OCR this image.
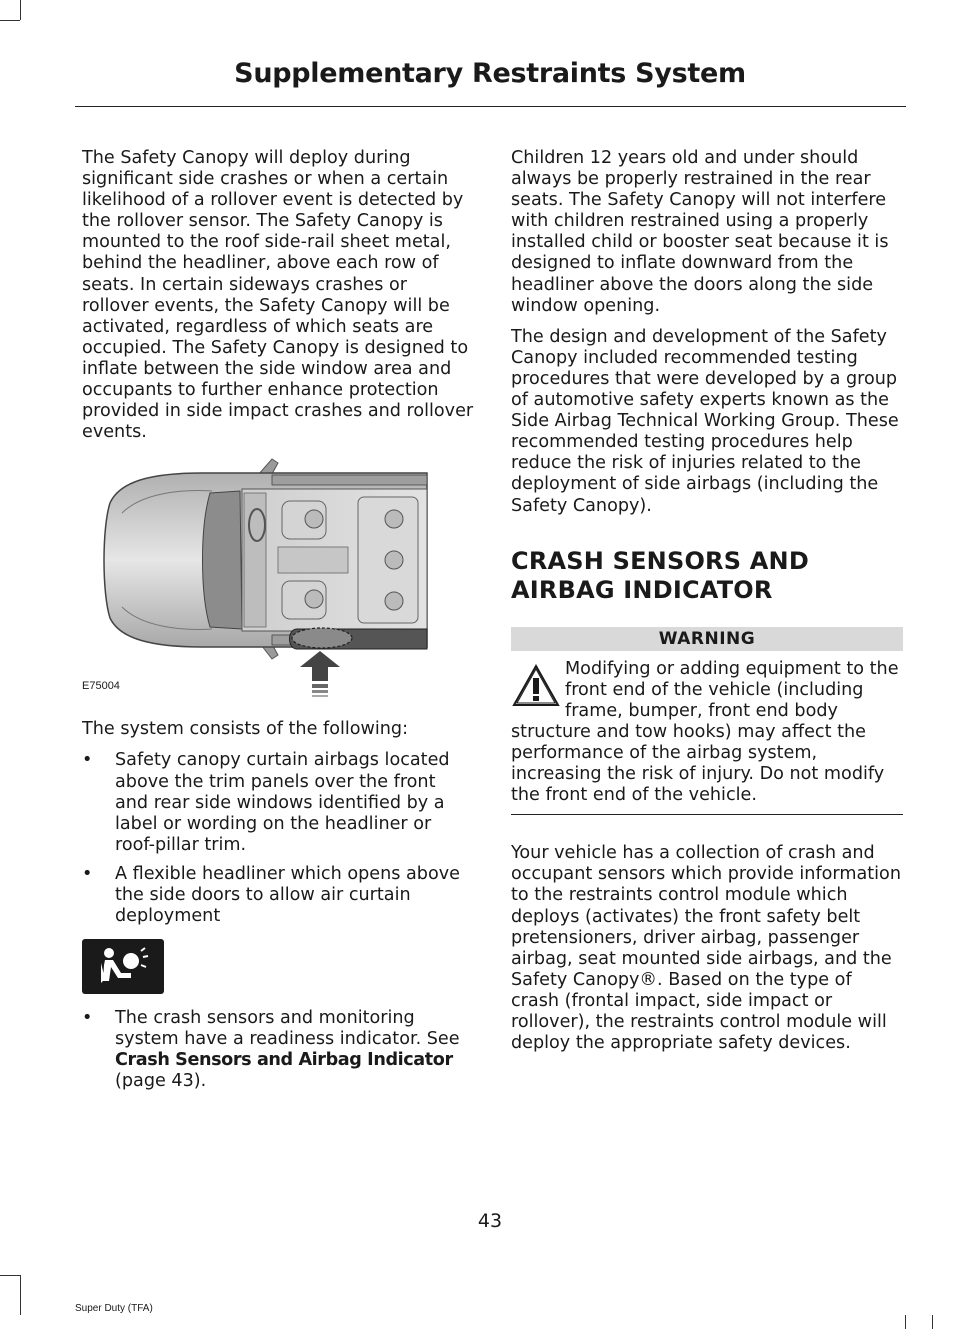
Supplementary Restraints System

The Safety Canopy will deploy during significant side crashes or when a certain likelihood of a rollover event is detected by the rollover sensor. The Safety Canopy is mounted to the roof side-rail sheet metal, behind the headliner, above each row of seats. In certain sideways crashes or rollover events, the Safety Canopy will be activated, regardless of which seats are occupied. The Safety Canopy is designed to inflate between the side window area and occupants to further enhance protection provided in side impact crashes and rollover events.

E75004

The system consists of the following:

• Safety canopy curtain airbags located above the trim panels over the front and rear side windows identified by a label or wording on the headliner or roof-pillar trim.
• A flexible headliner which opens above the side doors to allow air curtain deployment
• The crash sensors and monitoring system have a readiness indicator. See Crash Sensors and Airbag Indicator (page 43).

Children 12 years old and under should always be properly restrained in the rear seats. The Safety Canopy will not interfere with children restrained using a properly installed child or booster seat because it is designed to inflate downward from the headliner above the doors along the side window opening.

The design and development of the Safety Canopy included recommended testing procedures that were developed by a group of automotive safety experts known as the Side Airbag Technical Working Group. These recommended testing procedures help reduce the risk of injuries related to the deployment of side airbags (including the Safety Canopy).

CRASH SENSORS AND AIRBAG INDICATOR
WARNING
Modifying or adding equipment to the front end of the vehicle (including frame, bumper, front end body structure and tow hooks) may affect the performance of the airbag system, increasing the risk of injury. Do not modify the front end of the vehicle.

Your vehicle has a collection of crash and occupant sensors which provide information to the restraints control module which deploys (activates) the front safety belt pretensioners, driver airbag, passenger airbag, seat mounted side airbags, and the Safety Canopy®. Based on the type of crash (frontal impact, side impact or rollover), the restraints control module will deploy the appropriate safety devices.

43
Super Duty (TFA)
